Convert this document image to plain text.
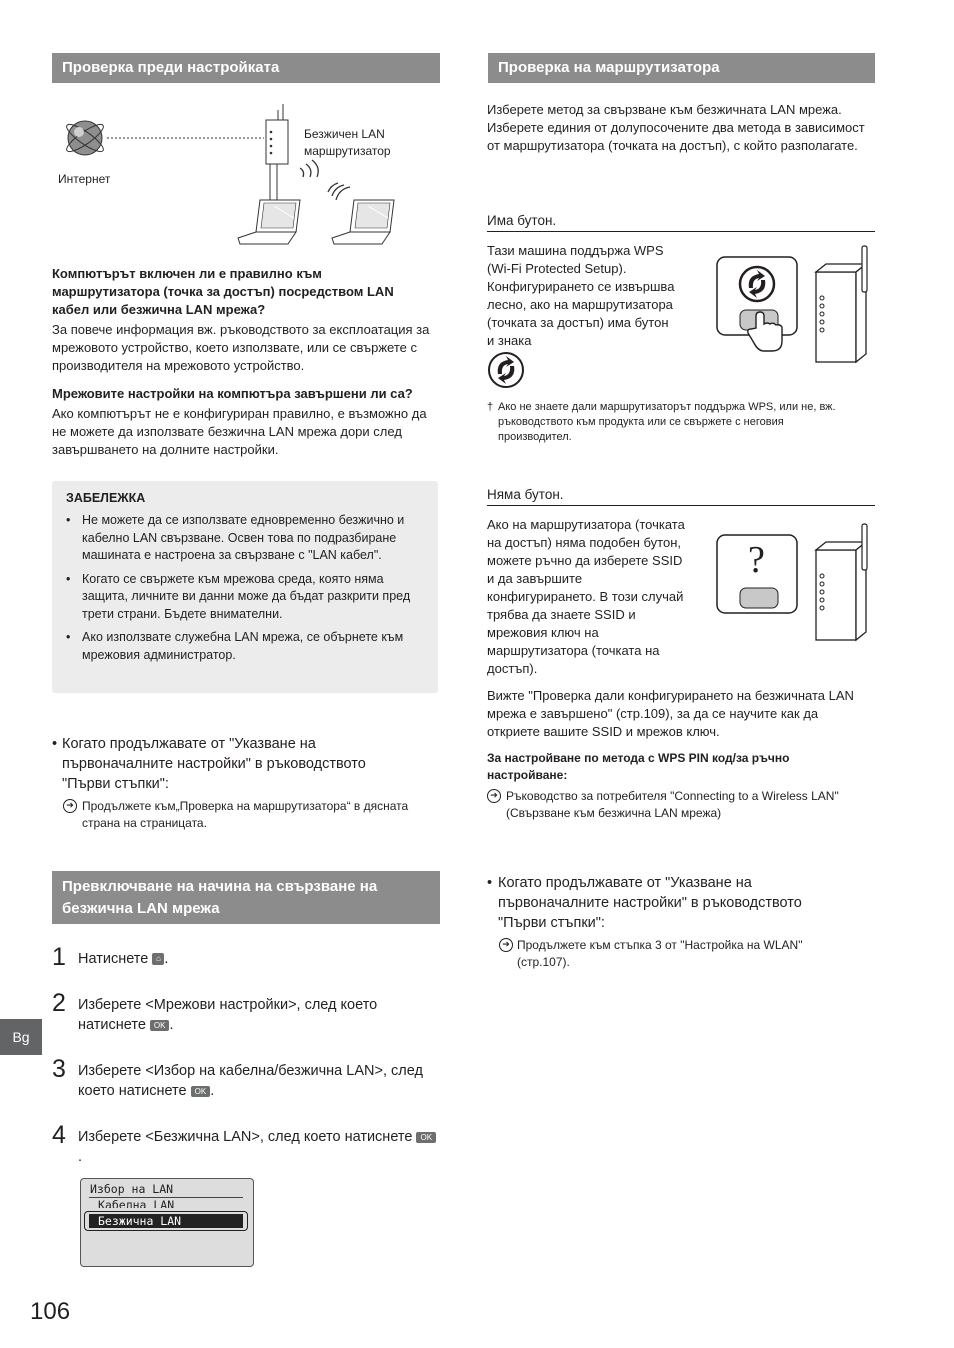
Проверка преди настройката
Безжичен LAN
маршрутизатор
Интернет
Компютърът включен ли е правилно към маршрутизатора (точка за достъп) посредством LAN кабел или безжична LAN мрежа?
За повече информация вж. ръководството за експлоатация за мрежовото устройство, което използвате, или се свържете с производителя на мрежовото устройство.
Мрежовите настройки на компютъра завършени ли са?
Ако компютърът не е конфигуриран правилно, е възможно да не можете да използвате безжична LAN мрежа дори след завършването на долните настройки.
ЗАБЕЛЕЖКА
• Не можете да се използвате едновременно безжично и кабелно LAN свързване. Освен това по подразбиране машината е настроена за свързване с "LAN кабел".
• Когато се свържете към мрежова среда, която няма защита, личните ви данни може да бъдат разкрити пред трети страни. Бъдете внимателни.
• Ако използвате служебна LAN мрежа, се обърнете към мрежовия администратор.
• Когато продължавате от "Указване на първоначалните настройки" в ръководството "Първи стъпки":
➔ Продължете към„Проверка на маршрутизатора“ в дясната страна на страницата.
Превключване на начина на свързване на безжична LAN мрежа
1 Натиснете ⌂ .
2 Изберете <Мрежови настройки>, след което натиснете OK .
3 Изберете <Избор на кабелна/безжична LAN>, след което натиснете OK .
4 Изберете <Безжична LAN>, след което натиснете OK.
Избор на LAN
Кабелна LAN
Безжична LAN
Проверка на маршрутизатора
Изберете метод за свързване към безжичната LAN мрежа. Изберете единия от долупосочените два метода в зависимост от маршрутизатора (точката на достъп), с който разполагате.
Има бутон.
Тази машина поддържа WPS (Wi-Fi Protected Setup). Конфигурирането се извършва лесно, ако на маршрутизатора (точката за достъп) има бутон и знака
† Ако не знаете дали маршрутизаторът поддържа WPS, или не, вж. ръководството към продукта или се свържете с неговия производител.
Няма бутон.
Ако на маршрутизатора (точката на достъп) няма подобен бутон, можете ръчно да изберете SSID и да завършите конфигурирането. В този случай трябва да знаете SSID и мрежовия ключ на маршрутизатора (точката на достъп).
?
Вижте "Проверка дали конфигурирането на безжичната LAN мрежа е завършено" (стр.109), за да се научите как да откриете вашите SSID и мрежов ключ.
За настройване по метода с WPS PIN код/за ръчно настройване:
➔ Ръководство за потребителя "Connecting to a Wireless LAN" (Свързване към безжична LAN мрежа)
• Когато продължавате от "Указване на първоначалните настройки" в ръководството "Първи стъпки":
➔ Продължете към стъпка 3 от "Настройка на WLAN" (стр.107).
Bg
106
